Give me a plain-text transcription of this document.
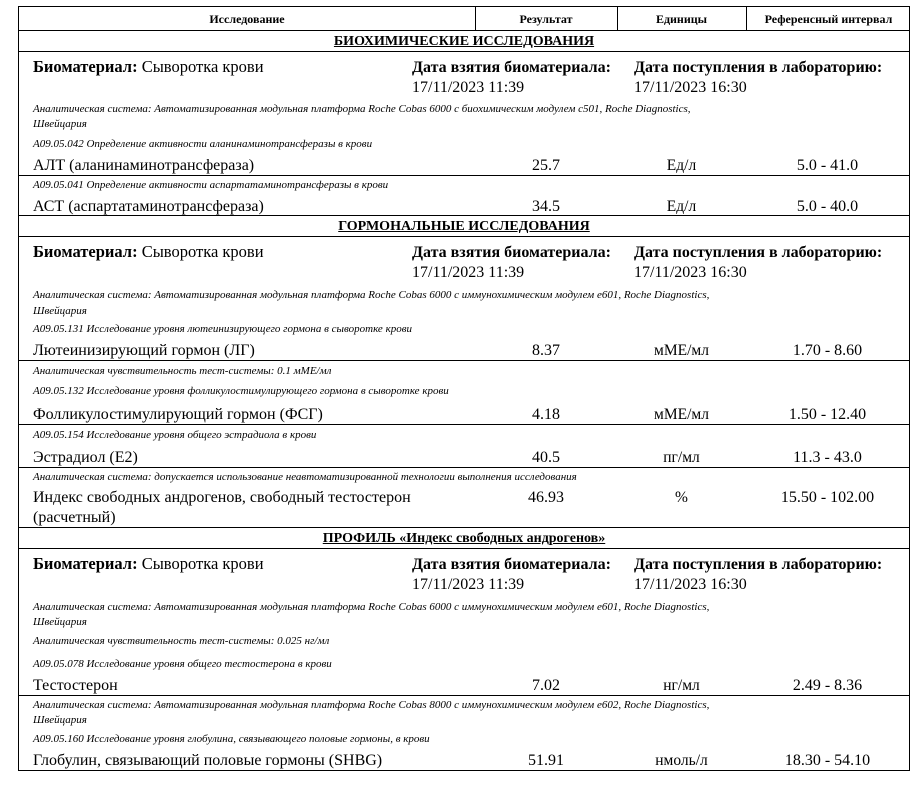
Исследование	Результат	Единицы	Референсный интервал
БИОХИМИЧЕСКИЕ ИССЛЕДОВАНИЯ
Биоматериал: Сыворотка крови	Дата взятия биоматериала:
17/11/2023 11:39
Дата поступления в лабораторию:
17/11/2023 16:30
Аналитическая система: Автоматизированная модульная платформа Roche Cobas 6000 с биохимическим модулем с501, Roche Diagnostics,
Швейцария
A09.05.042 Определение активности аланинаминотрансферазы в крови
АЛТ (аланинаминотрансфераза)	25.7	Ед/л	5.0 - 41.0
A09.05.041 Определение активности аспартатаминотрансферазы в крови
АСТ (аспартатаминотрансфераза)	34.5	Ед/л	5.0 - 40.0
ГОРМОНАЛЬНЫЕ ИССЛЕДОВАНИЯ
Биоматериал: Сыворотка крови	Дата взятия биоматериала:
17/11/2023 11:39
Дата поступления в лабораторию:
17/11/2023 16:30
Аналитическая система: Автоматизированная модульная платформа Roche Cobas 6000 с иммунохимическим модулем е601, Roche Diagnostics,
Швейцария
A09.05.131 Исследование уровня лютеинизирующего гормона в сыворотке крови
Лютеинизирующий гормон (ЛГ)	8.37	мМЕ/мл	1.70 - 8.60
Аналитическая чувствительность тест-системы: 0.1 мМЕ/мл
A09.05.132 Исследование уровня фолликулостимулирующего гормона в сыворотке крови
Фолликулостимулирующий гормон (ФСГ)	4.18	мМЕ/мл	1.50 - 12.40
A09.05.154 Исследование уровня общего эстрадиола в крови
Эстрадиол (Е2)	40.5	пг/мл	11.3 - 43.0
Аналитическая система: допускается использование неавтоматизированной технологии выполнения исследования
Индекс свободных андрогенов, свободный тестостерон
(расчетный)
46.93	%	15.50 - 102.00
ПРОФИЛЬ «Индекс свободных андрогенов»
Биоматериал: Сыворотка крови	Дата взятия биоматериала:
17/11/2023 11:39
Дата поступления в лабораторию:
17/11/2023 16:30
Аналитическая система: Автоматизированная модульная платформа Roche Cobas 6000 с иммунохимическим модулем е601, Roche Diagnostics,
Швейцария
Аналитическая чувствительность тест-системы: 0.025 нг/мл
A09.05.078 Исследование уровня общего тестостерона в крови
Тестостерон	7.02	нг/мл	2.49 - 8.36
Аналитическая система: Автоматизированная модульная платформа Roche Cobas 8000 с иммунохимическим модулем е602, Roche Diagnostics,
Швейцария
A09.05.160 Исследование уровня глобулина, связывающего половые гормоны, в крови
Глобулин, связывающий половые гормоны (SHBG)	51.91	нмоль/л	18.30 - 54.10
